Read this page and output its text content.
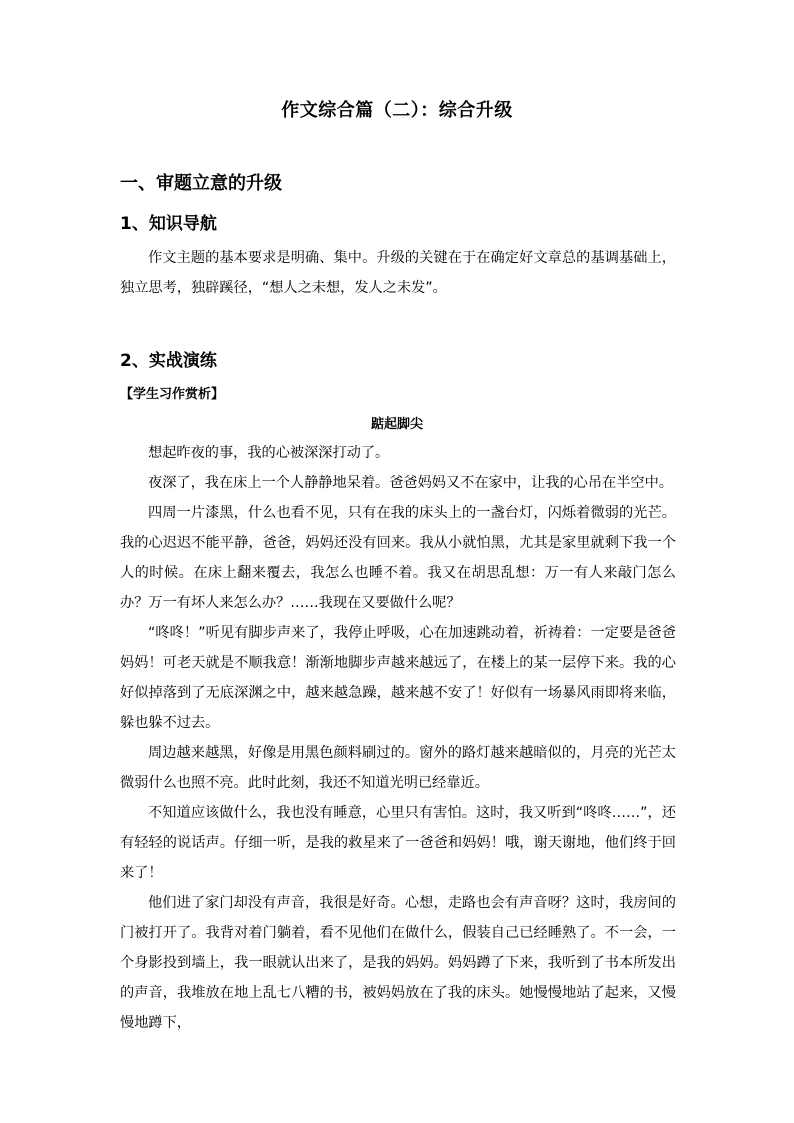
作文综合篇（二）：综合升级
一、审题立意的升级
1、知识导航

作文主题的基本要求是明确、集中。升级的关键在于在确定好文章总的基调基础上，独立思考，独辟蹊径，“想人之未想，发人之未发”。

2、实战演练
【学生习作赏析】
踮起脚尖

想起昨夜的事，我的心被深深打动了。

夜深了，我在床上一个人静静地呆着。爸爸妈妈又不在家中，让我的心吊在半空中。

四周一片漆黑，什么也看不见，只有在我的床头上的一盏台灯，闪烁着微弱的光芒。我的心迟迟不能平静，爸爸，妈妈还没有回来。我从小就怕黑，尤其是家里就剩下我一个人的时候。在床上翻来覆去，我怎么也睡不着。我又在胡思乱想：万一有人来敲门怎么办？万一有坏人来怎么办？……我现在又要做什么呢？

“咚咚！”听见有脚步声来了，我停止呼吸，心在加速跳动着，祈祷着：一定要是爸爸妈妈！可老天就是不顺我意！渐渐地脚步声越来越远了，在楼上的某一层停下来。我的心好似掉落到了无底深渊之中，越来越急躁，越来越不安了！好似有一场暴风雨即将来临，躲也躲不过去。

周边越来越黑，好像是用黑色颜料刷过的。窗外的路灯越来越暗似的，月亮的光芒太微弱什么也照不亮。此时此刻，我还不知道光明已经靠近。

不知道应该做什么，我也没有睡意，心里只有害怕。这时，我又听到“咚咚……”，还有轻轻的说话声。仔细一听，是我的救星来了一爸爸和妈妈！哦，谢天谢地，他们终于回来了！

他们进了家门却没有声音，我很是好奇。心想，走路也会有声音呀？这时，我房间的门被打开了。我背对着门躺着，看不见他们在做什么，假装自己已经睡熟了。不一会，一个身影投到墙上，我一眼就认出来了，是我的妈妈。妈妈蹲了下来，我听到了书本所发出的声音，我堆放在地上乱七八糟的书，被妈妈放在了我的床头。她慢慢地站了起来，又慢慢地蹲下，
